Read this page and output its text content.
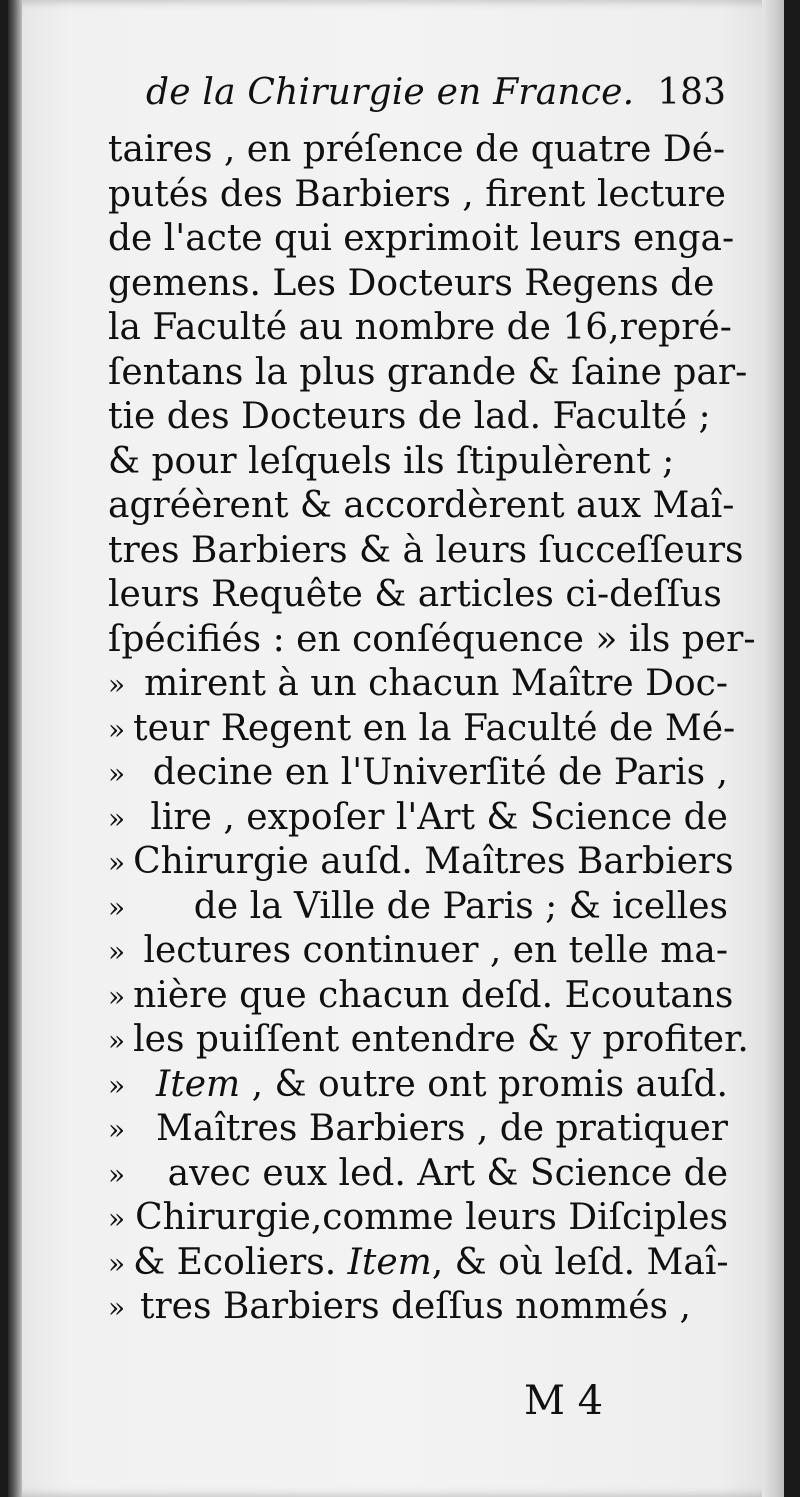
de la Chirurgie en France. 183
taires , en préſence de quatre Dé-
putés des Barbiers , firent lecture
de l'acte qui exprimoit leurs enga-
gemens. Les Docteurs Regens de
la Faculté au nombre de 16,repré-
ſentans la plus grande & ſaine par-
tie des Docteurs de lad. Faculté ;
& pour leſquels ils ſtipulèrent ;
agréèrent & accordèrent aux Maî-
tres Barbiers & à leurs ſucceſſeurs
leurs Requête & articles ci-deſſus
ſpécifiés : en conſéquence » ils per-
» mirent à un chacun Maître Doc-
» teur Regent en la Faculté de Mé-
» decine en l'Univerſité de Paris ,
» lire , expoſer l'Art & Science de
» Chirurgie auſd. Maîtres Barbiers
» de la Ville de Paris ; & icelles
» lectures continuer , en telle ma-
» nière que chacun deſd. Ecoutans
» les puiſſent entendre & y profiter.
» Item , & outre ont promis auſd.
» Maîtres Barbiers , de pratiquer
» avec eux led. Art & Science de
» Chirurgie,comme leurs Diſciples
» & Ecoliers. Item, & où leſd. Maî-
» tres Barbiers deſſus nommés ,
M 4
